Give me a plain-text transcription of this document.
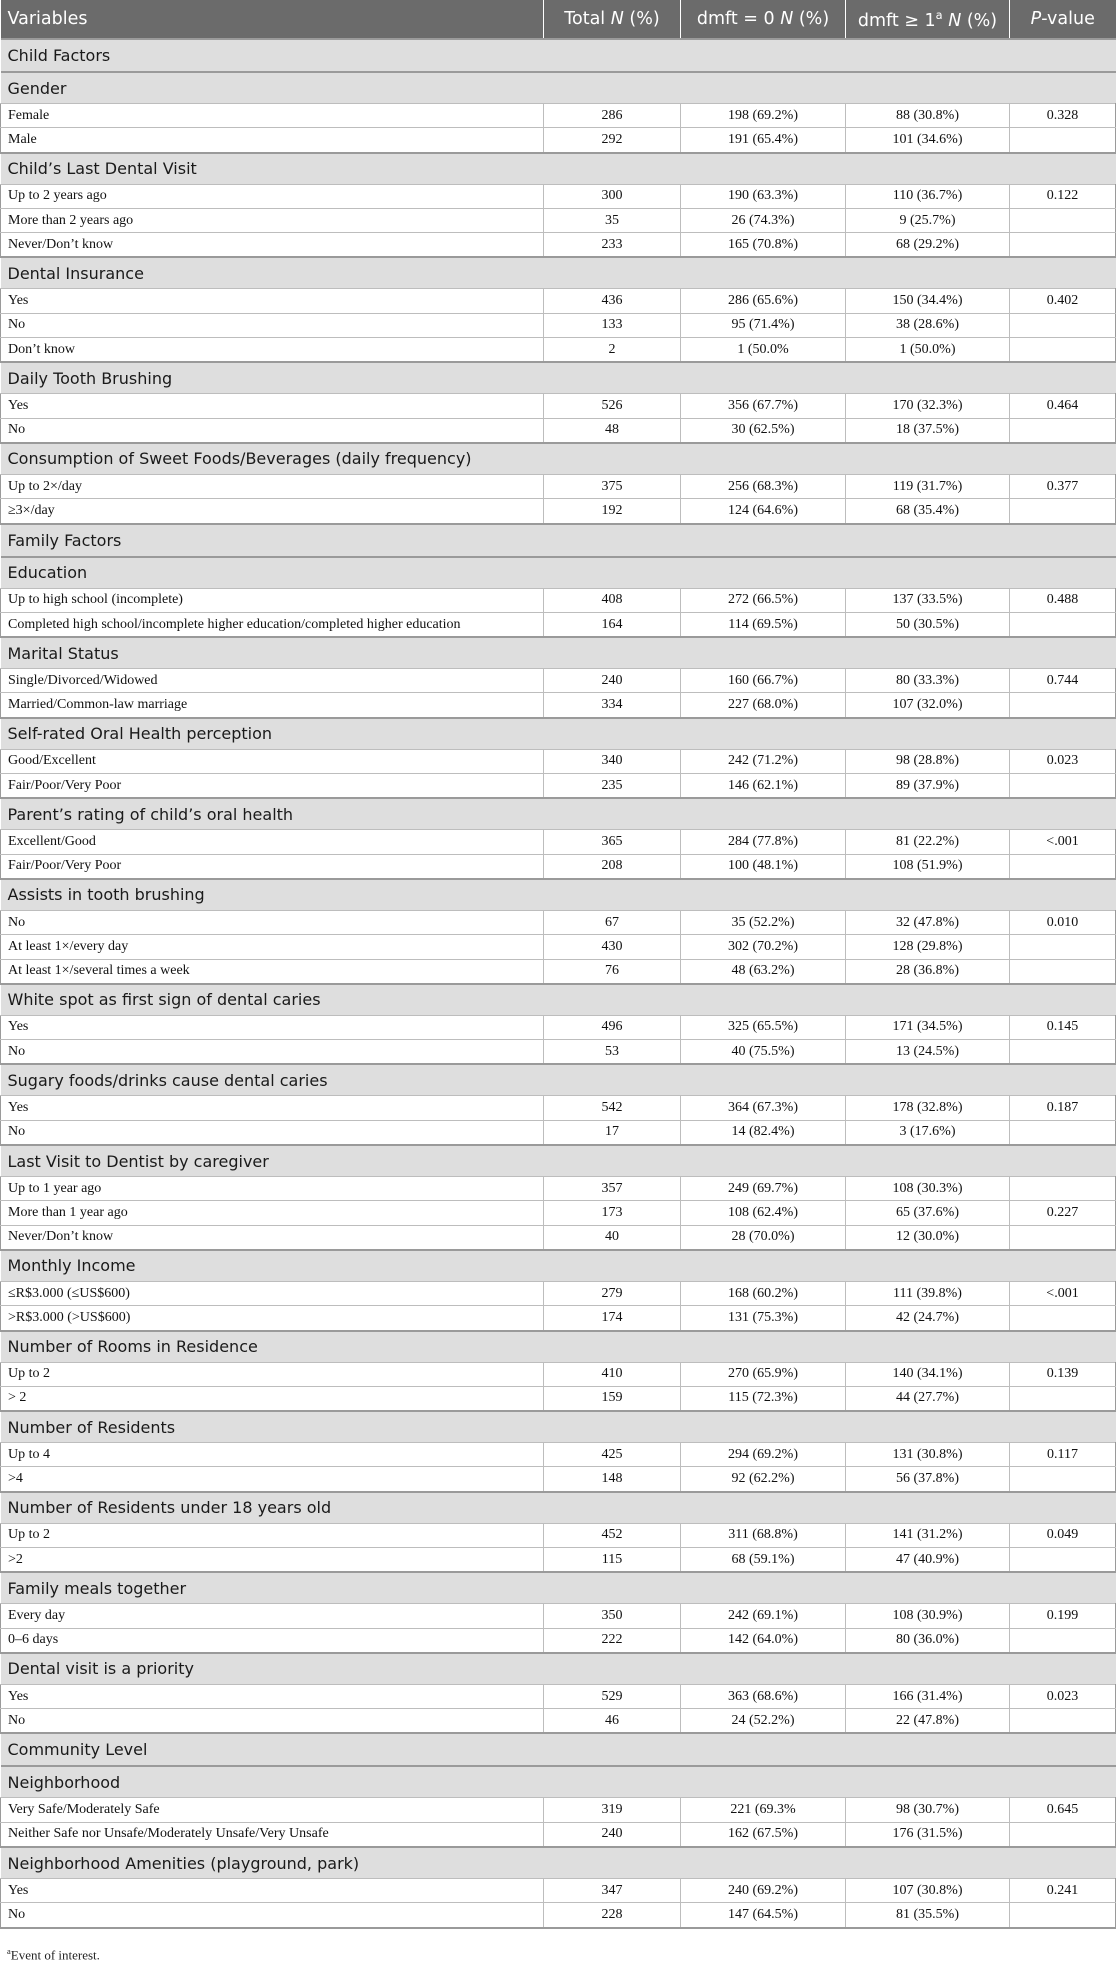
Variables	Total N (%)	dmft = 0 N (%)	dmft ≥ $1^a$ N (%)	P-value
Child Factors				
Gender				
Female	286	198 (69.2%)	88 (30.8%)	0.328
Male	292	191 (65.4%)	101 (34.6%)	
Child’s Last Dental Visit				
Up to 2 years ago	300	190 (63.3%)	110 (36.7%)	0.122
More than 2 years ago	35	26 (74.3%)	9 (25.7%)	
Never/Don’t know	233	165 (70.8%)	68 (29.2%)	
Dental Insurance				
Yes	436	286 (65.6%)	150 (34.4%)	0.402
No	133	95 (71.4%)	38 (28.6%)	
Don’t know	2	1 (50.0%	1 (50.0%)	
Daily Tooth Brushing				
Yes	526	356 (67.7%)	170 (32.3%)	0.464
No	48	30 (62.5%)	18 (37.5%)	
Consumption of Sweet Foods/Beverages (daily frequency)				
Up to 2×/day	375	256 (68.3%)	119 (31.7%)	0.377
≥3×/day	192	124 (64.6%)	68 (35.4%)	
Family Factors				
Education				
Up to high school (incomplete)	408	272 (66.5%)	137 (33.5%)	0.488
Completed high school/incomplete higher education/completed higher education	164	114 (69.5%)	50 (30.5%)	
Marital Status				
Single/Divorced/Widowed	240	160 (66.7%)	80 (33.3%)	0.744
Married/Common-law marriage	334	227 (68.0%)	107 (32.0%)	
Self-rated Oral Health perception				
Good/Excellent	340	242 (71.2%)	98 (28.8%)	0.023
Fair/Poor/Very Poor	235	146 (62.1%)	89 (37.9%)	
Parent’s rating of child’s oral health				
Excellent/Good	365	284 (77.8%)	81 (22.2%)	<.001
Fair/Poor/Very Poor	208	100 (48.1%)	108 (51.9%)	
Assists in tooth brushing				
No	67	35 (52.2%)	32 (47.8%)	0.010
At least 1×/every day	430	302 (70.2%)	128 (29.8%)	
At least 1×/several times a week	76	48 (63.2%)	28 (36.8%)	
White spot as first sign of dental caries				
Yes	496	325 (65.5%)	171 (34.5%)	0.145
No	53	40 (75.5%)	13 (24.5%)	
Sugary foods/drinks cause dental caries				
Yes	542	364 (67.3%)	178 (32.8%)	0.187
No	17	14 (82.4%)	3 (17.6%)	
Last Visit to Dentist by caregiver				
Up to 1 year ago	357	249 (69.7%)	108 (30.3%)	
More than 1 year ago	173	108 (62.4%)	65 (37.6%)	0.227
Never/Don’t know	40	28 (70.0%)	12 (30.0%)	
Monthly Income				
≤R$3.000 (≤US$600)	279	168 (60.2%)	111 (39.8%)	<.001
>R$3.000 (>US$600)	174	131 (75.3%)	42 (24.7%)	
Number of Rooms in Residence				
Up to 2	410	270 (65.9%)	140 (34.1%)	0.139
> 2	159	115 (72.3%)	44 (27.7%)	
Number of Residents				
Up to 4	425	294 (69.2%)	131 (30.8%)	0.117
>4	148	92 (62.2%)	56 (37.8%)	
Number of Residents under 18 years old				
Up to 2	452	311 (68.8%)	141 (31.2%)	0.049
>2	115	68 (59.1%)	47 (40.9%)	
Family meals together				
Every day	350	242 (69.1%)	108 (30.9%)	0.199
0–6 days	222	142 (64.0%)	80 (36.0%)	
Dental visit is a priority				
Yes	529	363 (68.6%)	166 (31.4%)	0.023
No	46	24 (52.2%)	22 (47.8%)	
Community Level				
Neighborhood				
Very Safe/Moderately Safe	319	221 (69.3%	98 (30.7%)	0.645
Neither Safe nor Unsafe/Moderately Unsafe/Very Unsafe	240	162 (67.5%)	176 (31.5%)	
Neighborhood Amenities (playground, park)				
Yes	347	240 (69.2%)	107 (30.8%)	0.241
No	228	147 (64.5%)	81 (35.5%)	
$^a$Event of interest.
